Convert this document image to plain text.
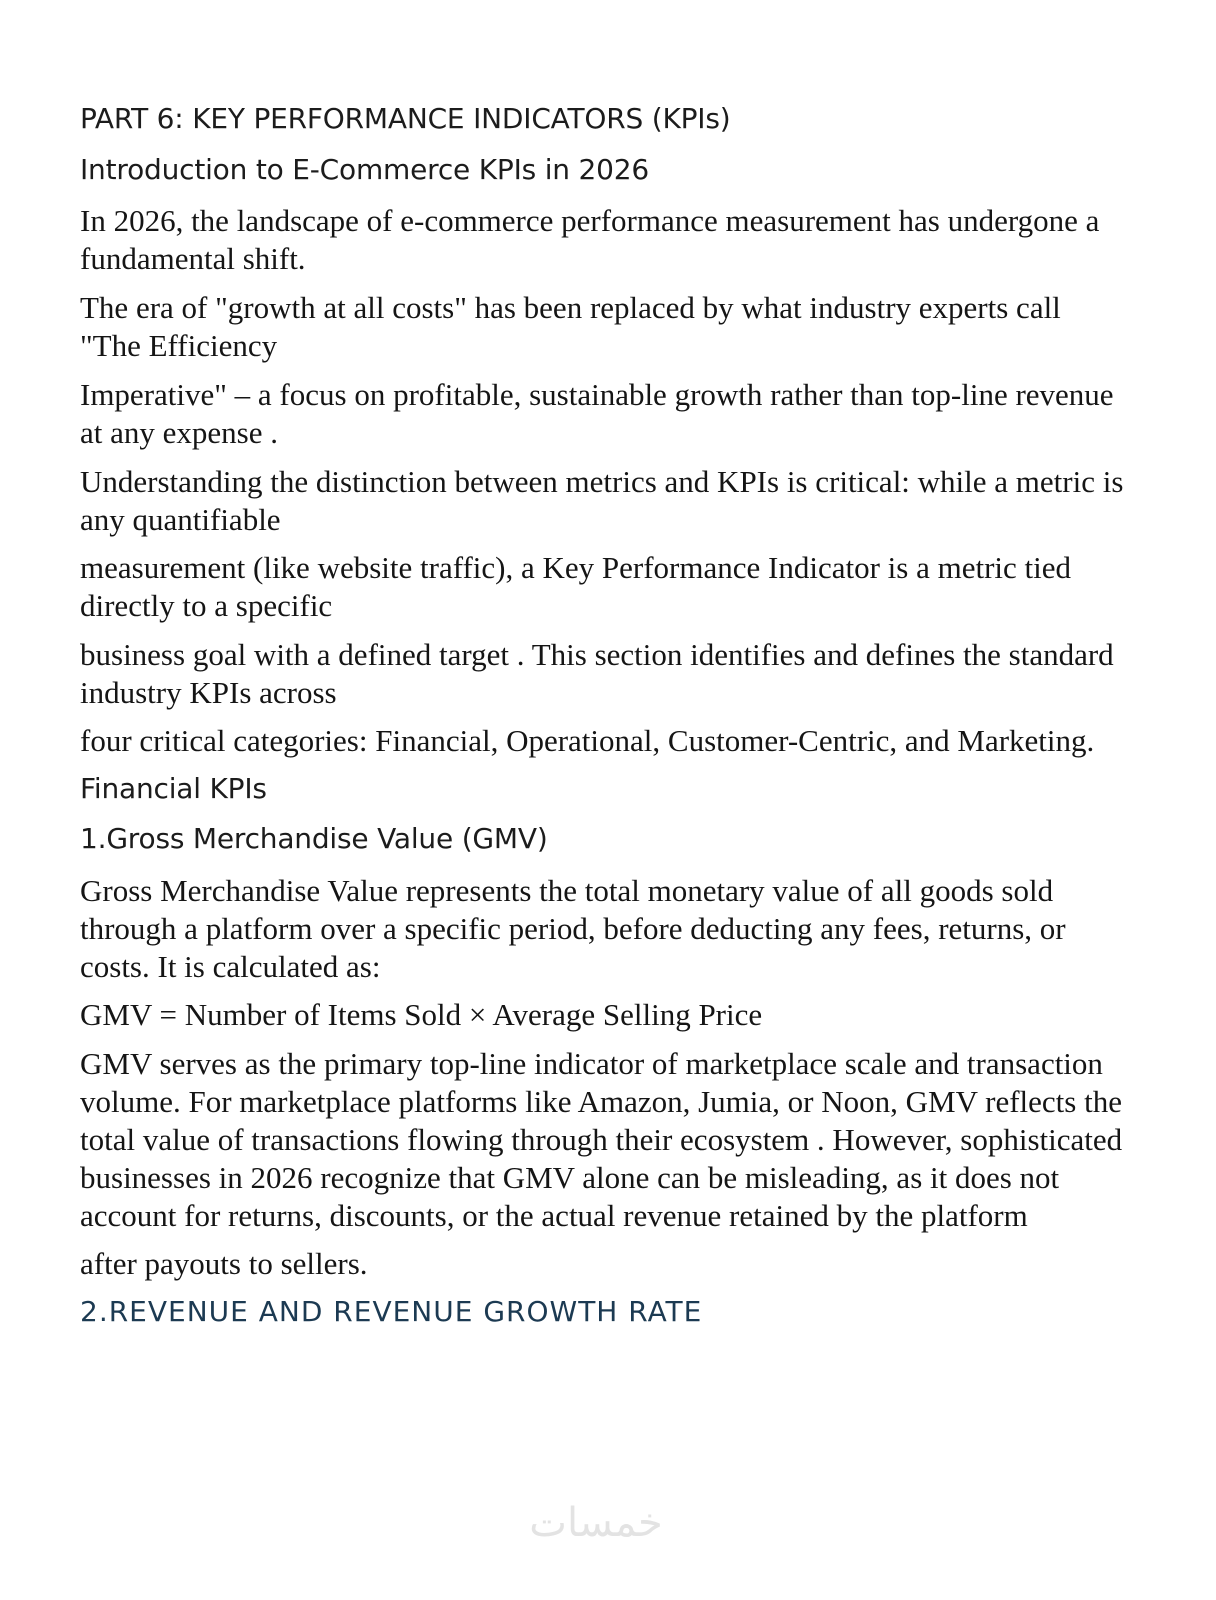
PART 6: KEY PERFORMANCE INDICATORS (KPIs)
Introduction to E-Commerce KPIs in 2026
In 2026, the landscape of e-commerce performance measurement has undergone a
fundamental shift.
The era of "growth at all costs" has been replaced by what industry experts call
"The Efficiency
Imperative" – a focus on profitable, sustainable growth rather than top-line revenue
at any expense .
Understanding the distinction between metrics and KPIs is critical: while a metric is
any quantifiable
measurement (like website traffic), a Key Performance Indicator is a metric tied
directly to a specific
business goal with a defined target . This section identifies and defines the standard
industry KPIs across
four critical categories: Financial, Operational, Customer-Centric, and Marketing.
Financial KPIs
1.Gross Merchandise Value (GMV)
Gross Merchandise Value represents the total monetary value of all goods sold
through a platform over a specific period, before deducting any fees, returns, or
costs. It is calculated as:
GMV = Number of Items Sold × Average Selling Price
GMV serves as the primary top-line indicator of marketplace scale and transaction
volume. For marketplace platforms like Amazon, Jumia, or Noon, GMV reflects the
total value of transactions flowing through their ecosystem . However, sophisticated
businesses in 2026 recognize that GMV alone can be misleading, as it does not
account for returns, discounts, or the actual revenue retained by the platform
after payouts to sellers.
2.REVENUE AND REVENUE GROWTH RATE
خمسات
